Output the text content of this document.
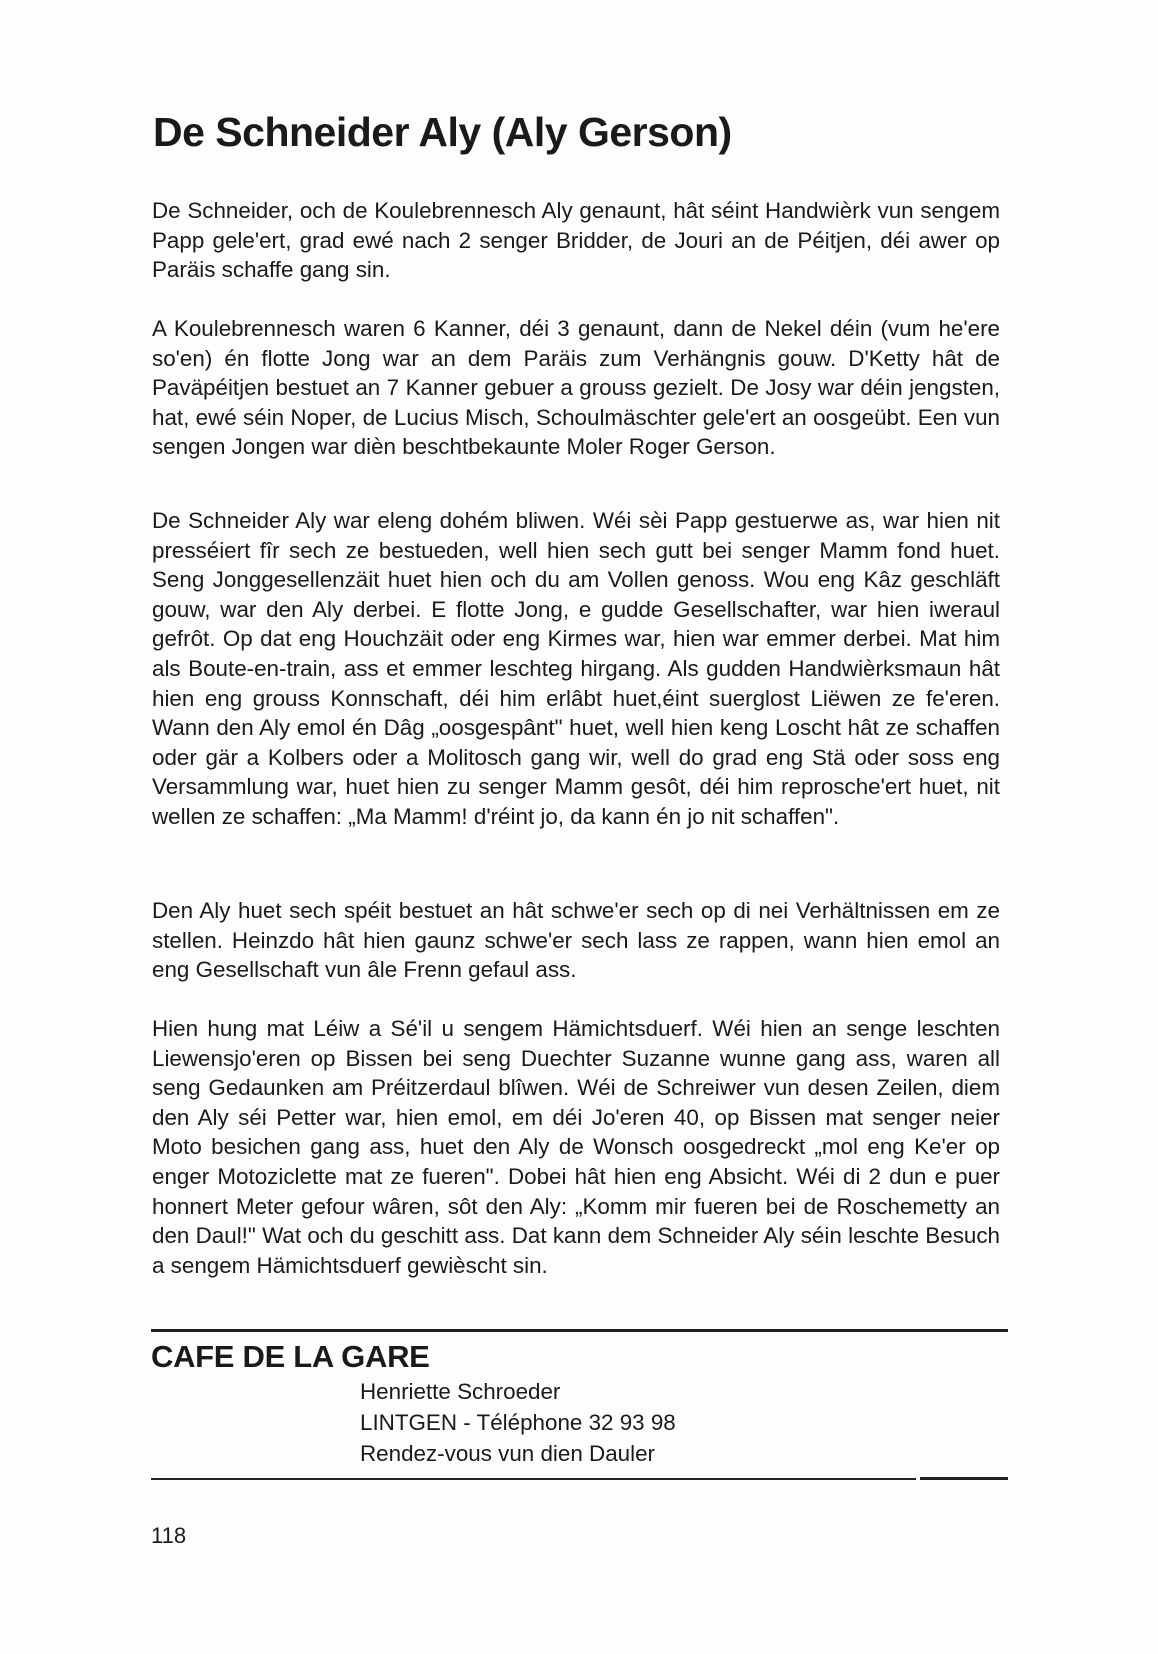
De Schneider Aly (Aly Gerson)

De Schneider, och de Koulebrennesch Aly genaunt, hât séint Handwièrk vun sengem Papp gele'ert, grad ewé nach 2 senger Bridder, de Jouri an de Péitjen, déi awer op Paräis schaffe gang sin.

A Koulebrennesch waren 6 Kanner, déi 3 genaunt, dann de Nekel déin (vum he'ere so'en) én flotte Jong war an dem Paräis zum Verhängnis gouw. D'Ketty hât de Paväpéitjen bestuet an 7 Kanner gebuer a grouss gezielt. De Josy war déin jengsten, hat, ewé séin Noper, de Lucius Misch, Schoulmäschter gele'ert an oosgeübt. Een vun sengen Jongen war dièn beschtbekaunte Moler Roger Gerson.

De Schneider Aly war eleng dohém bliwen. Wéi sèi Papp gestuerwe as, war hien nit presséiert fîr sech ze bestueden, well hien sech gutt bei senger Mamm fond huet. Seng Jonggesellenzäit huet hien och du am Vollen genoss. Wou eng Kâz geschläft gouw, war den Aly derbei. E flotte Jong, e gudde Gesellschafter, war hien iweraul gefrôt. Op dat eng Houchzäit oder eng Kirmes war, hien war emmer derbei. Mat him als Boute-en-train, ass et emmer leschteg hirgang. Als gudden Handwièrksmaun hât hien eng grouss Konnschaft, déi him erlâbt huet,éint suerglost Liëwen ze fe'eren. Wann den Aly emol én Dâg „oosgespânt" huet, well hien keng Loscht hât ze schaffen oder gär a Kolbers oder a Molitosch gang wir, well do grad eng Stä oder soss eng Versammlung war, huet hien zu senger Mamm gesôt, déi him reprosche'ert huet, nit wellen ze schaffen: „Ma Mamm! d'réint jo, da kann én jo nit schaffen".

Den Aly huet sech spéit bestuet an hât schwe'er sech op di nei Verhältnissen em ze stellen. Heinzdo hât hien gaunz schwe'er sech lass ze rappen, wann hien emol an eng Gesellschaft vun âle Frenn gefaul ass.

Hien hung mat Léiw a Sé'il u sengem Hämichtsduerf. Wéi hien an senge leschten Liewensjo'eren op Bissen bei seng Duechter Suzanne wunne gang ass, waren all seng Gedaunken am Préitzerdaul blîwen. Wéi de Schreiwer vun desen Zeilen, diem den Aly séi Petter war, hien emol, em déi Jo'eren 40, op Bissen mat senger neier Moto besichen gang ass, huet den Aly de Wonsch oosgedreckt „mol eng Ke'er op enger Motoziclette mat ze fueren". Dobei hât hien eng Absicht. Wéi di 2 dun e puer honnert Meter gefour wâren, sôt den Aly: „Komm mir fueren bei de Roschemetty an den Daul!" Wat och du geschitt ass. Dat kann dem Schneider Aly séin leschte Besuch a sengem Hämichtsduerf gewièscht sin.

CAFE DE LA GARE

Henriette Schroeder

LINTGEN - Téléphone 32 93 98

Rendez-vous vun dien Dauler

118
